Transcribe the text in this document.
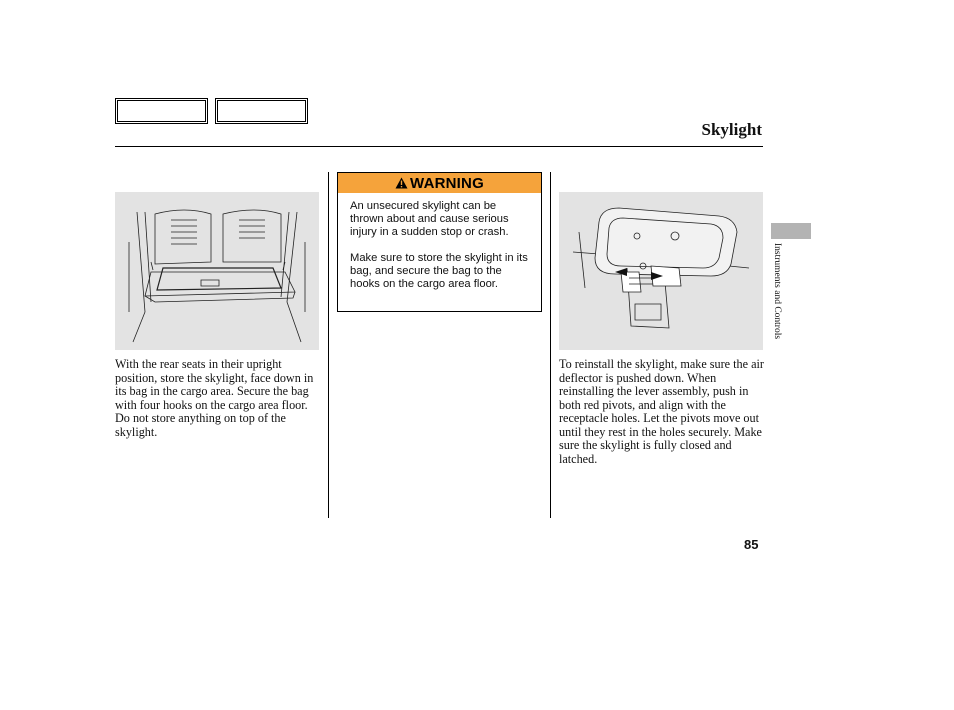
Skylight
With the rear seats in their upright position, store the skylight, face down in its bag in the cargo area. Secure the bag with four hooks on the cargo area floor. Do not store anything on top of the skylight.
WARNING

An unsecured skylight can be thrown about and cause serious injury in a sudden stop or crash.

Make sure to store the skylight in its bag, and secure the bag to the hooks on the cargo area floor.

To reinstall the skylight, make sure the air deflector is pushed down. When reinstalling the lever assembly, push in both red pivots, and align with the receptacle holes. Let the pivots move out until they rest in the holes securely. Make sure the skylight is fully closed and latched.
Instruments and Controls
85
